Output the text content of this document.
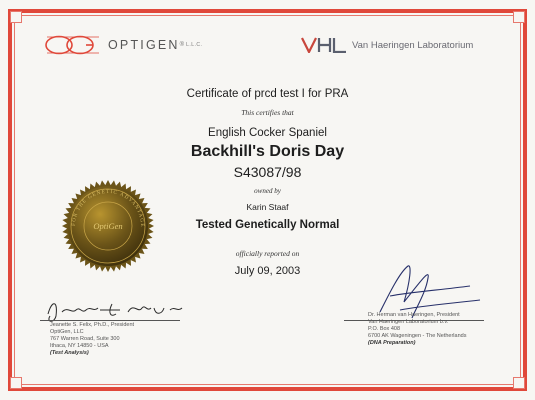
OPTIGEN ® L.L.C.	Van Haeringen Laboratorium
Certificate of prcd test I for PRA
This certifies that
English Cocker Spaniel
Backhill's Doris Day
S43087/98
owned by
Karin Staaf
Tested Genetically Normal
officially reported on
July 09, 2003
FOR THE GENETIC ADVANTAGE
OptiGen
Jeanette S. Felix, Ph.D., President
OptiGen, LLC
767 Warren Road, Suite 300
Ithaca, NY 14850 - USA
(Test Analysis)
Dr. Herman van Haeringen, President
Van Haeringen Laboratorium b.v.
P.O. Box 408
6700 AK Wageningen - The Netherlands
(DNA Preparation)
